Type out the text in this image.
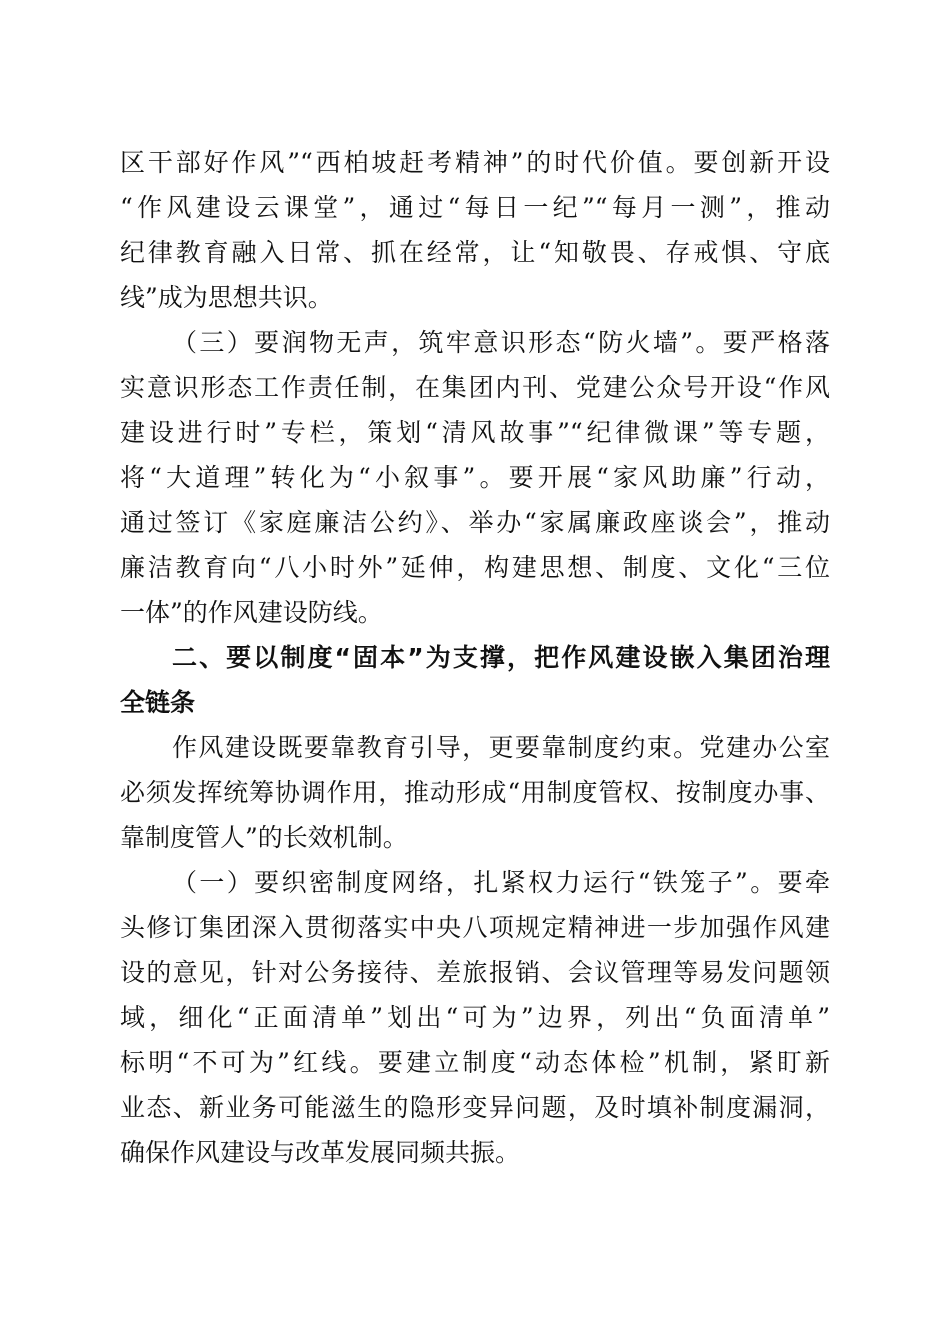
区干部好作风”“西柏坡赶考精神”的时代价值。要创新开设
“作风建设云课堂”，通过“每日一纪”“每月一测”，推动
纪律教育融入日常、抓在经常，让“知敬畏、存戒惧、守底
线”成为思想共识。
（三）要润物无声，筑牢意识形态“防火墙”。要严格落
实意识形态工作责任制，在集团内刊、党建公众号开设“作风
建设进行时”专栏，策划“清风故事”“纪律微课”等专题，
将“大道理”转化为“小叙事”。要开展“家风助廉”行动，
通过签订《家庭廉洁公约》、举办“家属廉政座谈会”，推动
廉洁教育向“八小时外”延伸，构建思想、制度、文化“三位
一体”的作风建设防线。
二、要以制度“固本”为支撑，把作风建设嵌入集团治理
全链条
作风建设既要靠教育引导，更要靠制度约束。党建办公室
必须发挥统筹协调作用，推动形成“用制度管权、按制度办事、
靠制度管人”的长效机制。
（一）要织密制度网络，扎紧权力运行“铁笼子”。要牵
头修订集团深入贯彻落实中央八项规定精神进一步加强作风建
设的意见，针对公务接待、差旅报销、会议管理等易发问题领
域，细化“正面清单”划出“可为”边界，列出“负面清单”
标明“不可为”红线。要建立制度“动态体检”机制，紧盯新
业态、新业务可能滋生的隐形变异问题，及时填补制度漏洞，
确保作风建设与改革发展同频共振。
